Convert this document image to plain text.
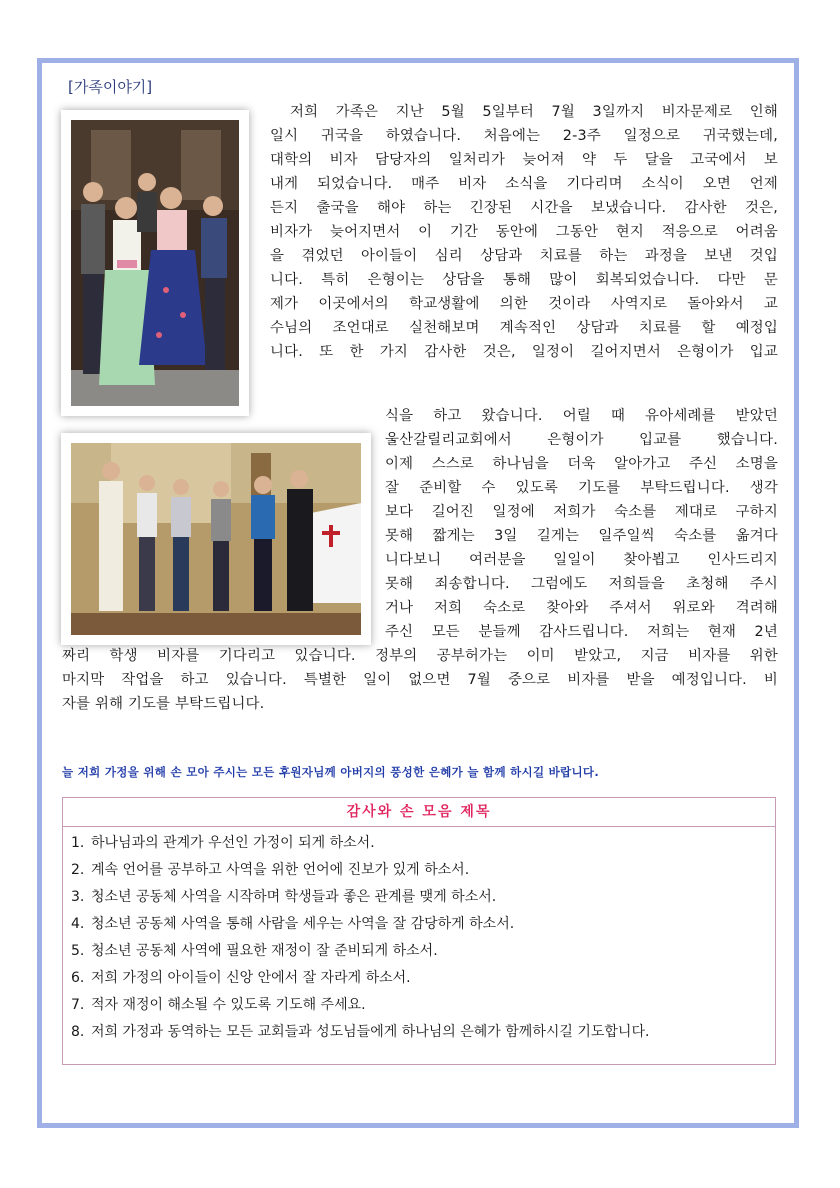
[가족이야기]
저희 가족은 지난 5월 5일부터 7월 3일까지 비자문제로 인해
일시 귀국을 하였습니다. 처음에는 2-3주 일정으로 귀국했는데,
대학의 비자 담당자의 일처리가 늦어져 약 두 달을 고국에서 보
내게 되었습니다. 매주 비자 소식을 기다리며 소식이 오면 언제
든지 출국을 해야 하는 긴장된 시간을 보냈습니다. 감사한 것은,
비자가 늦어지면서 이 기간 동안에 그동안 현지 적응으로 어려움
을 겪었던 아이들이 심리 상담과 치료를 하는 과정을 보낸 것입
니다. 특히 은형이는 상담을 통해 많이 회복되었습니다. 다만 문
제가 이곳에서의 학교생활에 의한 것이라 사역지로 돌아와서 교
수님의 조언대로 실천해보며 계속적인 상담과 치료를 할 예정입
니다. 또 한 가지 감사한 것은, 일정이 길어지면서 은형이가 입교
식을 하고 왔습니다. 어릴 때 유아세례를 받았던
울산갈릴리교회에서 은형이가 입교를 했습니다.
이제 스스로 하나님을 더욱 알아가고 주신 소명을
잘 준비할 수 있도록 기도를 부탁드립니다. 생각
보다 길어진 일정에 저희가 숙소를 제대로 구하지
못해 짧게는 3일 길게는 일주일씩 숙소를 옮겨다
니다보니 여러분을 일일이 찾아뵙고 인사드리지
못해 죄송합니다. 그럼에도 저희들을 초청해 주시
거나 저희 숙소로 찾아와 주셔서 위로와 격려해
주신 모든 분들께 감사드립니다. 저희는 현재 2년
짜리 학생 비자를 기다리고 있습니다. 정부의 공부허가는 이미 받았고, 지금 비자를 위한
마지막 작업을 하고 있습니다. 특별한 일이 없으면 7월 중으로 비자를 받을 예정입니다. 비
자를 위해 기도를 부탁드립니다.
늘 저희 가정을 위해 손 모아 주시는 모든 후원자님께 아버지의 풍성한 은혜가 늘 함께 하시길 바랍니다.
감사와 손 모음 제목
1. 하나님과의 관계가 우선인 가정이 되게 하소서.
2. 계속 언어를 공부하고 사역을 위한 언어에 진보가 있게 하소서.
3. 청소년 공동체 사역을 시작하며 학생들과 좋은 관계를 맺게 하소서.
4. 청소년 공동체 사역을 통해 사람을 세우는 사역을 잘 감당하게 하소서.
5. 청소년 공동체 사역에 필요한 재정이 잘 준비되게 하소서.
6. 저희 가정의 아이들이 신앙 안에서 잘 자라게 하소서.
7. 적자 재정이 해소될 수 있도록 기도해 주세요.
8. 저희 가정과 동역하는 모든 교회들과 성도님들에게 하나님의 은혜가 함께하시길 기도합니다.
